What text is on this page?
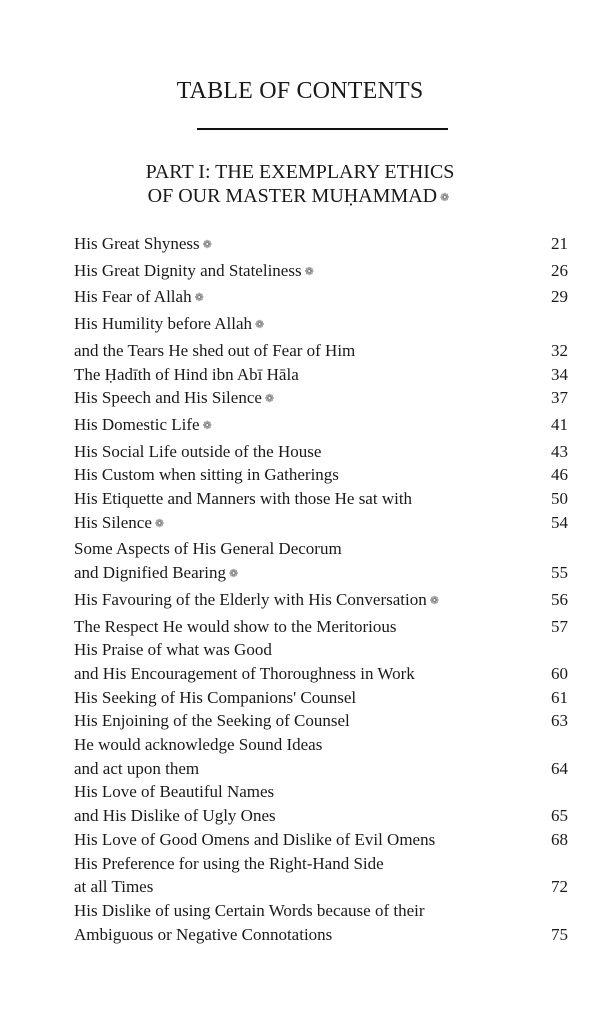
TABLE OF CONTENTS
PART I: THE EXEMPLARY ETHICS
OF OUR MASTER MUḤAMMAD ❁
His Great Shyness ❁	21
His Great Dignity and Stateliness ❁	26
His Fear of Allah ❁	29
His Humility before Allah ❁
and the Tears He shed out of Fear of Him	32
The Ḥadīth of Hind ibn Abī Hāla	34
His Speech and His Silence ❁	37
His Domestic Life ❁	41
His Social Life outside of the House	43
His Custom when sitting in Gatherings	46
His Etiquette and Manners with those He sat with	50
His Silence ❁	54
Some Aspects of His General Decorum
and Dignified Bearing ❁	55
His Favouring of the Elderly with His Conversation ❁	56
The Respect He would show to the Meritorious	57
His Praise of what was Good
and His Encouragement of Thoroughness in Work	60
His Seeking of His Companions' Counsel	61
His Enjoining of the Seeking of Counsel	63
He would acknowledge Sound Ideas
and act upon them	64
His Love of Beautiful Names
and His Dislike of Ugly Ones	65
His Love of Good Omens and Dislike of Evil Omens	68
His Preference for using the Right-Hand Side
at all Times	72
His Dislike of using Certain Words because of their
Ambiguous or Negative Connotations	75
